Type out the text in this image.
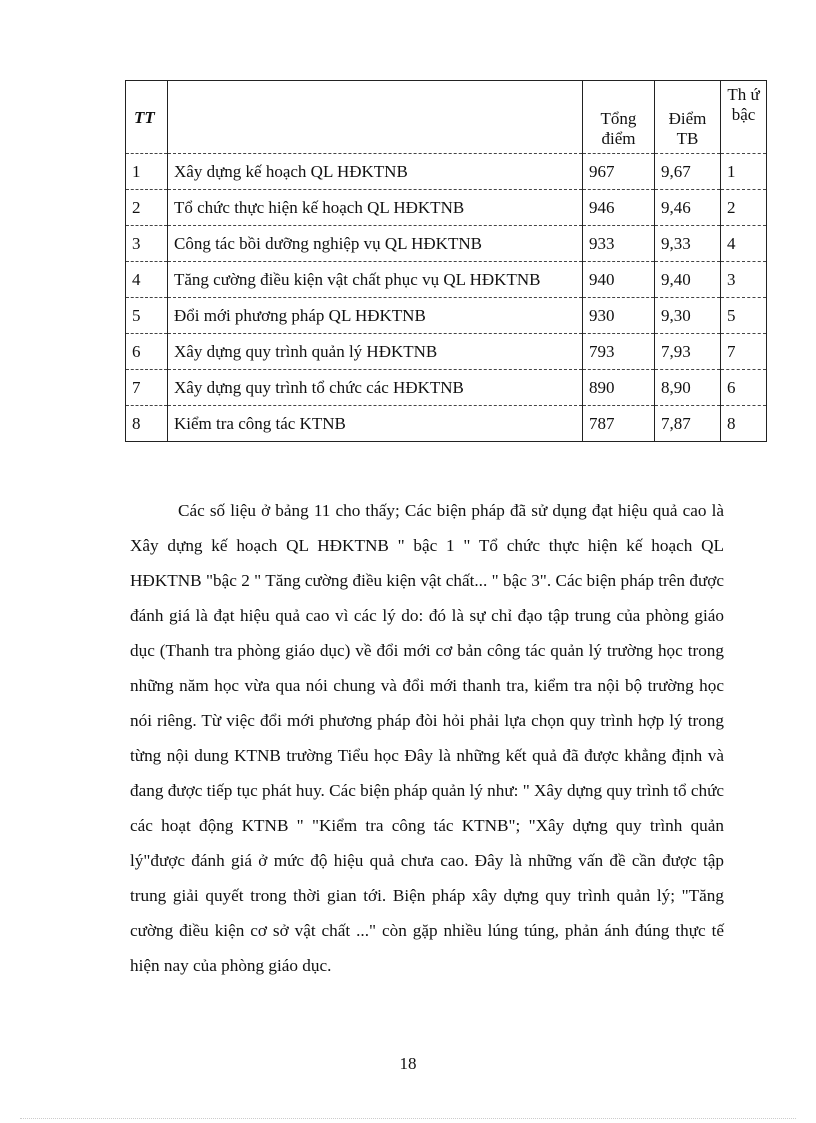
TT		Tổng điểm	Điểm TB	Th ứ bậc
1	Xây dựng kế hoạch QL HĐKTNB	967	9,67	1
2	Tổ chức thực hiện kế hoạch QL HĐKTNB	946	9,46	2
3	Công tác bồi dưỡng nghiệp vụ QL HĐKTNB	933	9,33	4
4	Tăng cường điều kiện vật chất phục vụ QL HĐKTNB	940	9,40	3
5	Đổi mới phương pháp QL HĐKTNB	930	9,30	5
6	Xây dựng quy trình quản lý HĐKTNB	793	7,93	7
7	Xây dựng quy trình tổ chức các HĐKTNB	890	8,90	6
8	Kiểm tra công tác KTNB	787	7,87	8

Các số liệu ở bảng 11 cho thấy; Các biện pháp đã sử dụng đạt hiệu quả cao là Xây dựng kế hoạch QL HĐKTNB " bậc 1 " Tổ chức thực hiện kế hoạch QL HĐKTNB "bậc 2 " Tăng cường điều kiện vật chất... " bậc 3". Các biện pháp trên được đánh giá là đạt hiệu quả cao vì các lý do: đó là sự chỉ đạo tập trung của phòng giáo dục (Thanh tra phòng giáo dục) về đổi mới cơ bản công tác quản lý trường học trong những năm học vừa qua nói chung và đổi mới thanh tra, kiểm tra nội bộ trường học nói riêng. Từ việc đổi mới phương pháp đòi hỏi phải lựa chọn quy trình hợp lý trong từng nội dung KTNB trường Tiểu học Đây là những kết quả đã được khẳng định và đang được tiếp tục phát huy. Các biện pháp quản lý như: " Xây dựng quy trình tổ chức các hoạt động KTNB " "Kiểm tra công tác KTNB"; "Xây dựng quy trình quản lý"được đánh giá ở mức độ hiệu quả chưa cao. Đây là những vấn đề cần được tập trung giải quyết trong thời gian tới. Biện pháp xây dựng quy trình quản lý; "Tăng cường điều kiện cơ sở vật chất ..." còn gặp nhiều lúng túng, phản ánh đúng thực tế hiện nay của phòng giáo dục.

18
